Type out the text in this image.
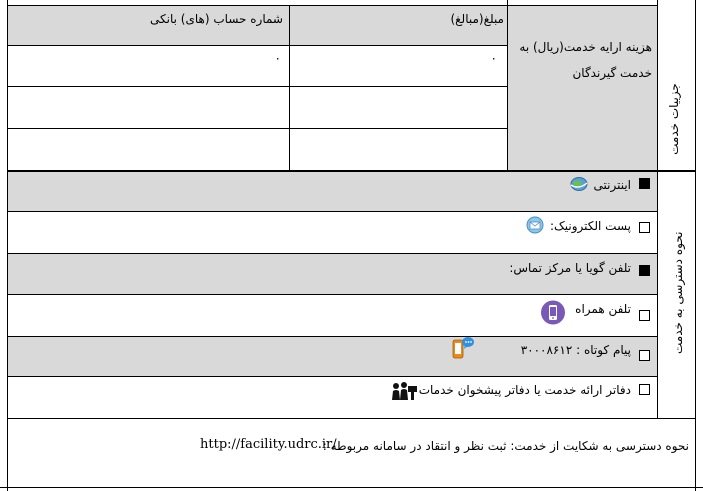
جزییات خدمت
هزینه ارایه خدمت(ریال) به
خدمت گیرندگان
مبلغ(مبالغ)
شماره حساب (های) بانکی
۰
۰
نحوه دسترسی به خدمت
اینترنتی
پست الکترونیک:
تلفن گویا یا مرکز تماس:
تلفن همراه
پیام کوتاه : ۳۰۰۰۸۶۱۲
دفاتر ارائه خدمت یا دفاتر پیشخوان خدمات
نحوه دسترسی به شکایت از خدمت: ثبت نظر و انتقاد در سامانه مربوطه :
http://facility.udrc.ir/
